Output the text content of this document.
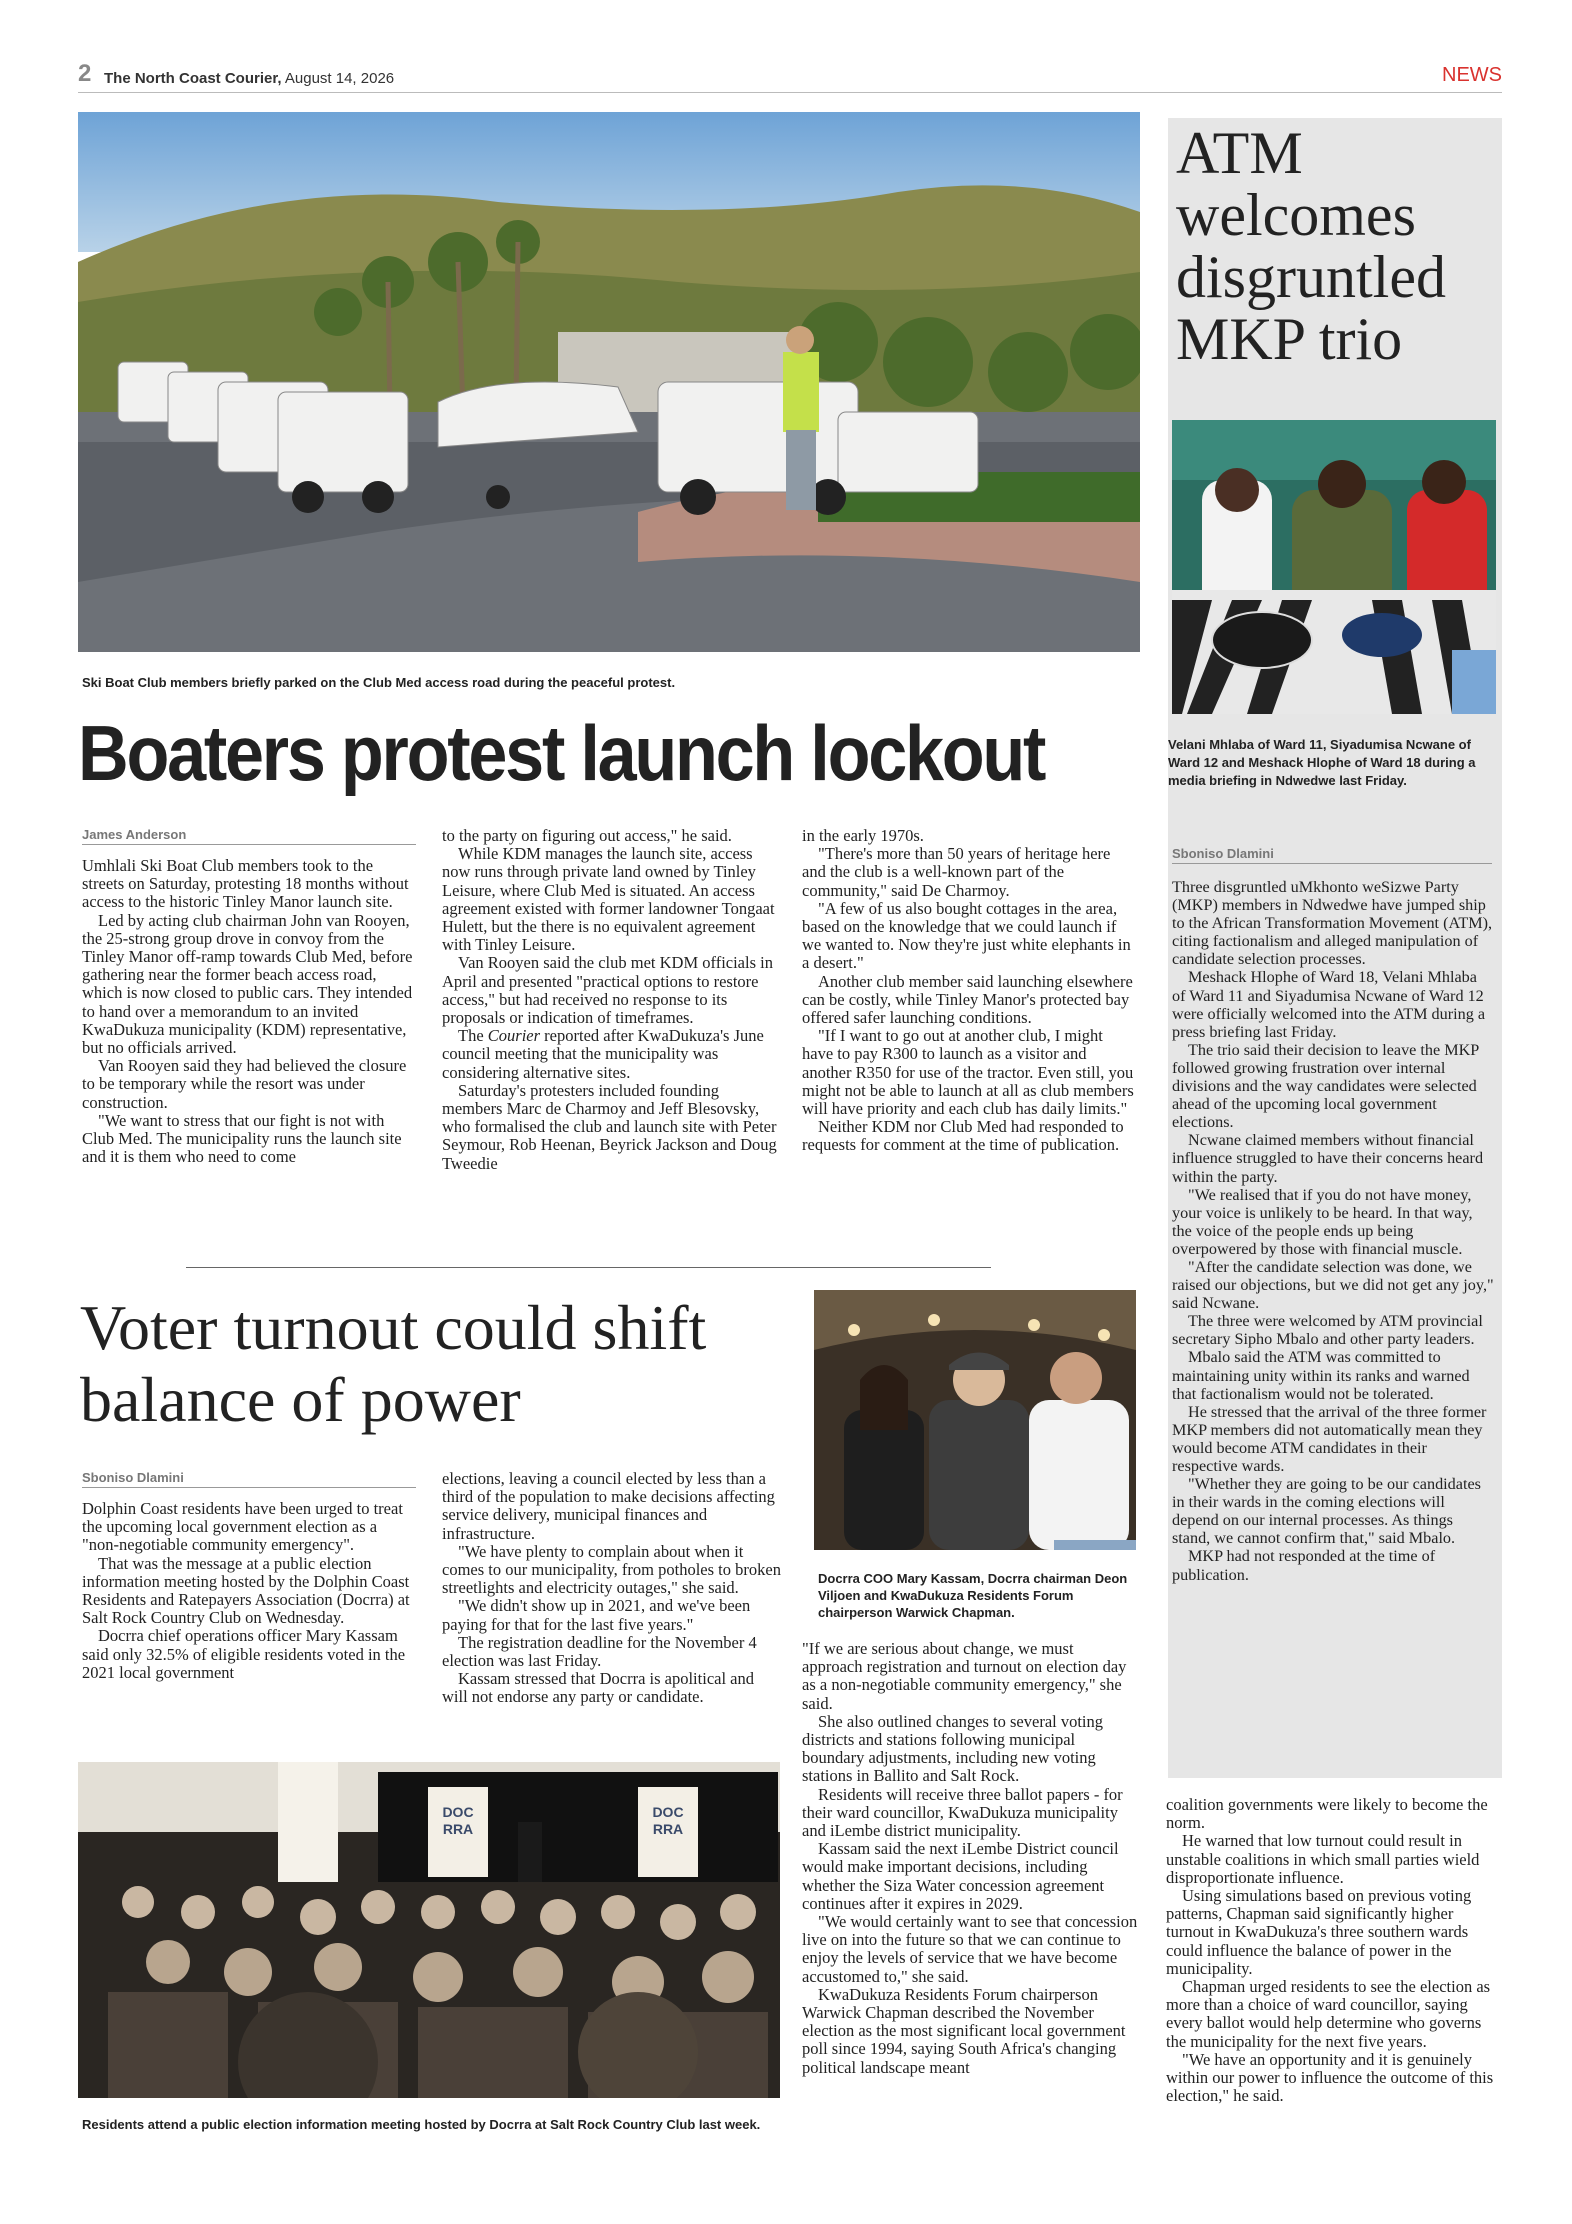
2 The North Coast Courier, August 14, 2026	NEWS
Ski Boat Club members briefly parked on the Club Med access road during the peaceful protest.
Boaters protest launch lockout
James Anderson

Umhlali Ski Boat Club members took to the streets on Saturday, protesting 18 months without access to the historic Tinley Manor launch site.

Led by acting club chairman John van Rooyen, the 25-strong group drove in convoy from the Tinley Manor off-ramp towards Club Med, before gathering near the former beach access road, which is now closed to public cars. They intended to hand over a memorandum to an invited KwaDukuza municipality (KDM) representative, but no officials arrived.

Van Rooyen said they had believed the closure to be temporary while the resort was under construction.

"We want to stress that our fight is not with Club Med. The municipality runs the launch site and it is them who need to come

to the party on figuring out access," he said.

While KDM manages the launch site, access now runs through private land owned by Tinley Leisure, where Club Med is situated. An access agreement existed with former landowner Tongaat Hulett, but the there is no equivalent agreement with Tinley Leisure.

Van Rooyen said the club met KDM officials in April and presented "practical options to restore access," but had received no response to its proposals or indication of timeframes.

The Courier reported after KwaDukuza's June council meeting that the municipality was considering alternative sites.

Saturday's protesters included founding members Marc de Charmoy and Jeff Blesovsky, who formalised the club and launch site with Peter Seymour, Rob Heenan, Beyrick Jackson and Doug Tweedie

in the early 1970s.

"There's more than 50 years of heritage here and the club is a well-known part of the community," said De Charmoy.

"A few of us also bought cottages in the area, based on the knowledge that we could launch if we wanted to. Now they're just white elephants in a desert."

Another club member said launching elsewhere can be costly, while Tinley Manor's protected bay offered safer launching conditions.

"If I want to go out at another club, I might have to pay R300 to launch as a visitor and another R350 for use of the tractor. Even still, you might not be able to launch at all as club members will have priority and each club has daily limits."

Neither KDM nor Club Med had responded to requests for comment at the time of publication.

ATM welcomes disgruntled MKP trio
Velani Mhlaba of Ward 11, Siyadumisa Ncwane of Ward 12 and Meshack Hlophe of Ward 18 during a media briefing in Ndwedwe last Friday.
Sboniso Dlamini

Three disgruntled uMkhonto weSizwe Party (MKP) members in Ndwedwe have jumped ship to the African Transformation Movement (ATM), citing factionalism and alleged manipulation of candidate selection processes.

Meshack Hlophe of Ward 18, Velani Mhlaba of Ward 11 and Siyadumisa Ncwane of Ward 12 were officially welcomed into the ATM during a press briefing last Friday.

The trio said their decision to leave the MKP followed growing frustration over internal divisions and the way candidates were selected ahead of the upcoming local government elections.

Ncwane claimed members without financial influence struggled to have their concerns heard within the party.

"We realised that if you do not have money, your voice is unlikely to be heard. In that way, the voice of the people ends up being overpowered by those with financial muscle.

"After the candidate selection was done, we raised our objections, but we did not get any joy," said Ncwane.

The three were welcomed by ATM provincial secretary Sipho Mbalo and other party leaders.

Mbalo said the ATM was committed to maintaining unity within its ranks and warned that factionalism would not be tolerated.

He stressed that the arrival of the three former MKP members did not automatically mean they would become ATM candidates in their respective wards.

"Whether they are going to be our candidates in their wards in the coming elections will depend on our internal processes. As things stand, we cannot confirm that," said Mbalo.

MKP had not responded at the time of publication.

Voter turnout could shift
balance of power
Sboniso Dlamini

Dolphin Coast residents have been urged to treat the upcoming local government election as a "non-negotiable community emergency".

That was the message at a public election information meeting hosted by the Dolphin Coast Residents and Ratepayers Association (Docrra) at Salt Rock Country Club on Wednesday.

Docrra chief operations officer Mary Kassam said only 32.5% of eligible residents voted in the 2021 local government

elections, leaving a council elected by less than a third of the population to make decisions affecting service delivery, municipal finances and infrastructure.

"We have plenty to complain about when it comes to our municipality, from potholes to broken streetlights and electricity outages," she said.

"We didn't show up in 2021, and we've been paying for that for the last five years."

The registration deadline for the November 4 election was last Friday.

Kassam stressed that Docrra is apolitical and will not endorse any party or candidate.

Docrra COO Mary Kassam, Docrra chairman Deon Viljoen and KwaDukuza Residents Forum chairperson Warwick Chapman.

"If we are serious about change, we must approach registration and turnout on election day as a non-negotiable community emergency," she said.

She also outlined changes to several voting districts and stations following municipal boundary adjustments, including new voting stations in Ballito and Salt Rock.

Residents will receive three ballot papers - for their ward councillor, KwaDukuza municipality and iLembe district municipality.

Kassam said the next iLembe District council would make important decisions, including whether the Siza Water concession agreement continues after it expires in 2029.

"We would certainly want to see that concession live on into the future so that we can continue to enjoy the levels of service that we have become accustomed to," she said.

KwaDukuza Residents Forum chairperson Warwick Chapman described the November election as the most significant local government poll since 1994, saying South Africa's changing political landscape meant

coalition governments were likely to become the norm.

He warned that low turnout could result in unstable coalitions in which small parties wield disproportionate influence.

Using simulations based on previous voting patterns, Chapman said significantly higher turnout in KwaDukuza's three southern wards could influence the balance of power in the municipality.

Chapman urged residents to see the election as more than a choice of ward councillor, saying every ballot would help determine who governs the municipality for the next five years.

"We have an opportunity and it is genuinely within our power to influence the outcome of this election," he said.

DOC
RRA
DOC
RRA
Residents attend a public election information meeting hosted by Docrra at Salt Rock Country Club last week.
